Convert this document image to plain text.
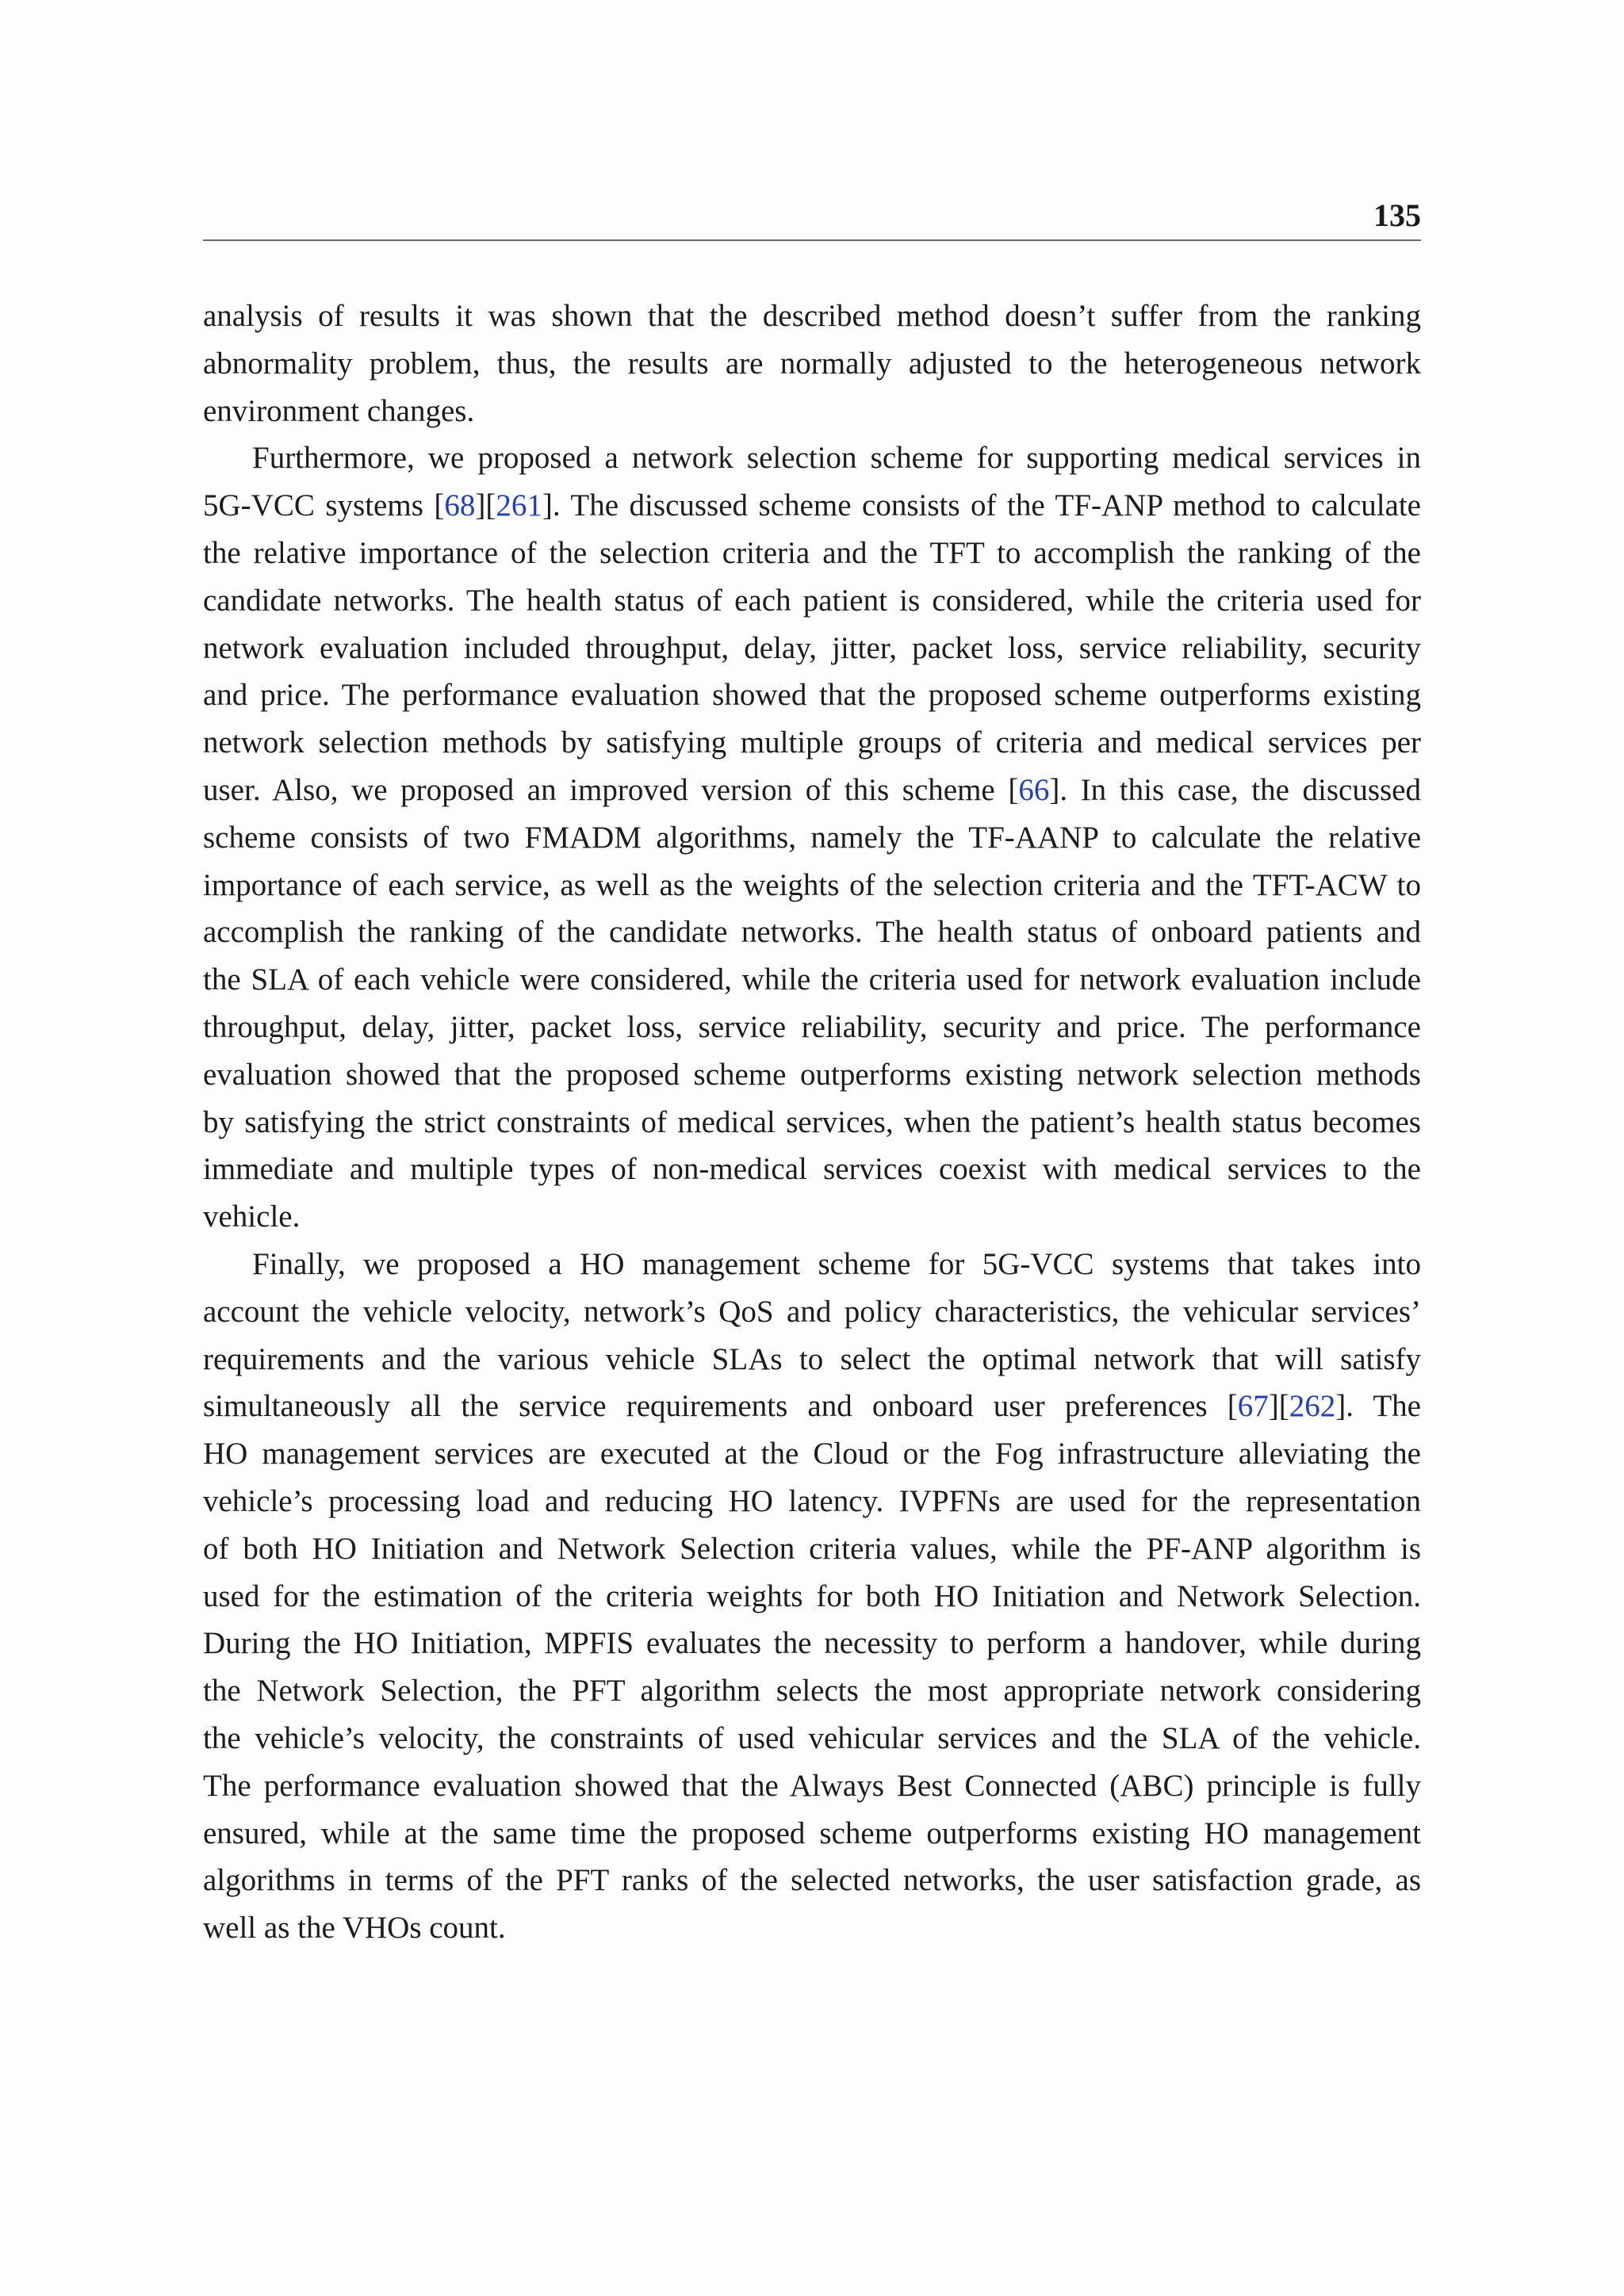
135

analysis of results it was shown that the described method doesn’t suffer from the ranking
abnormality problem, thus, the results are normally adjusted to the heterogeneous network
environment changes.

Furthermore, we proposed a network selection scheme for supporting medical services in
5G-VCC systems [68][261]. The discussed scheme consists of the TF-ANP method to calculate
the relative importance of the selection criteria and the TFT to accomplish the ranking of the
candidate networks. The health status of each patient is considered, while the criteria used for
network evaluation included throughput, delay, jitter, packet loss, service reliability, security
and price. The performance evaluation showed that the proposed scheme outperforms existing
network selection methods by satisfying multiple groups of criteria and medical services per
user. Also, we proposed an improved version of this scheme [66]. In this case, the discussed
scheme consists of two FMADM algorithms, namely the TF-AANP to calculate the relative
importance of each service, as well as the weights of the selection criteria and the TFT-ACW to
accomplish the ranking of the candidate networks. The health status of onboard patients and
the SLA of each vehicle were considered, while the criteria used for network evaluation include
throughput, delay, jitter, packet loss, service reliability, security and price. The performance
evaluation showed that the proposed scheme outperforms existing network selection methods
by satisfying the strict constraints of medical services, when the patient’s health status becomes
immediate and multiple types of non-medical services coexist with medical services to the
vehicle.

Finally, we proposed a HO management scheme for 5G-VCC systems that takes into
account the vehicle velocity, network’s QoS and policy characteristics, the vehicular services’
requirements and the various vehicle SLAs to select the optimal network that will satisfy
simultaneously all the service requirements and onboard user preferences [67][262]. The
HO management services are executed at the Cloud or the Fog infrastructure alleviating the
vehicle’s processing load and reducing HO latency. IVPFNs are used for the representation
of both HO Initiation and Network Selection criteria values, while the PF-ANP algorithm is
used for the estimation of the criteria weights for both HO Initiation and Network Selection.
During the HO Initiation, MPFIS evaluates the necessity to perform a handover, while during
the Network Selection, the PFT algorithm selects the most appropriate network considering
the vehicle’s velocity, the constraints of used vehicular services and the SLA of the vehicle.
The performance evaluation showed that the Always Best Connected (ABC) principle is fully
ensured, while at the same time the proposed scheme outperforms existing HO management
algorithms in terms of the PFT ranks of the selected networks, the user satisfaction grade, as
well as the VHOs count.
